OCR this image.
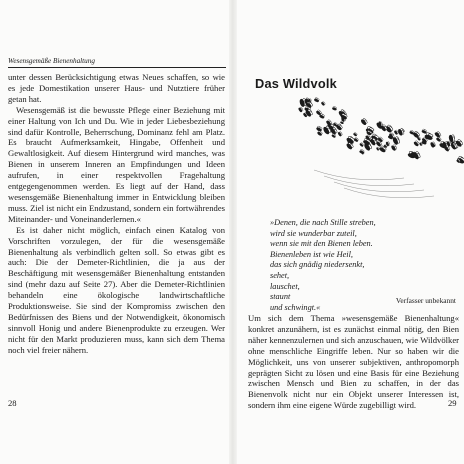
Wesensgemäße Bienenhaltung

unter dessen Berücksichtigung etwas Neues schaffen, so wie es jede Domestikation unserer Haus- und Nutztiere früher getan hat.

Wesensgemäß ist die bewusste Pflege einer Beziehung mit einer Haltung von Ich und Du. Wie in jeder Liebesbeziehung sind dafür Kontrolle, Beherrschung, Dominanz fehl am Platz. Es braucht Aufmerksamkeit, Hingabe, Offenheit und Gewaltlosigkeit. Auf diesem Hintergrund wird manches, was Bienen in unserem Inneren an Empfindungen und Ideen aufrufen, in einer respektvollen Fragehaltung entgegengenommen werden. Es liegt auf der Hand, dass wesensgemäße Bienenhaltung immer in Entwicklung bleiben muss. Ziel ist nicht ein Endzustand, sondern ein fortwährendes Miteinander- und Voneinanderlernen.«

Es ist daher nicht möglich, einfach einen Katalog von Vorschriften vorzulegen, der für die wesensgemäße Bienenhaltung als verbindlich gelten soll. So etwas gibt es auch: Die der Demeter-Richtlinien, die ja aus der Beschäftigung mit wesensgemäßer Bienenhaltung entstanden sind (mehr dazu auf Seite 27). Aber die Demeter-Richtlinien behandeln eine ökologische landwirtschaftliche Produktionsweise. Sie sind der Kompromiss zwischen den Bedürfnissen des Biens und der Notwendigkeit, ökonomisch sinnvoll Honig und andere Bienenprodukte zu erzeugen. Wer nicht für den Markt produzieren muss, kann sich dem Thema noch viel freier nähern.

28
Das Wildvolk
»Denen, die nach Stille streben,
wird sie wunderbar zuteil,
wenn sie mit den Bienen leben.
Bienenleben ist wie Heil,
das sich gnädig niedersenkt,
sehet,
lauschet,
staunt
und schwingt.«
Verfasser unbekannt

Um sich dem Thema »wesensgemäße Bienenhaltung« konkret anzunähern, ist es zunächst einmal nötig, den Bien näher kennenzulernen und sich anzuschauen, wie Wildvölker ohne menschliche Eingriffe leben. Nur so haben wir die Möglichkeit, uns von unserer subjektiven, anthropomorph geprägten Sicht zu lösen und eine Basis für eine Beziehung zwischen Mensch und Bien zu schaffen, in der das Bienenvolk nicht nur ein Objekt unserer Interessen ist, sondern ihm eine eigene Würde zugebilligt wird.	29
